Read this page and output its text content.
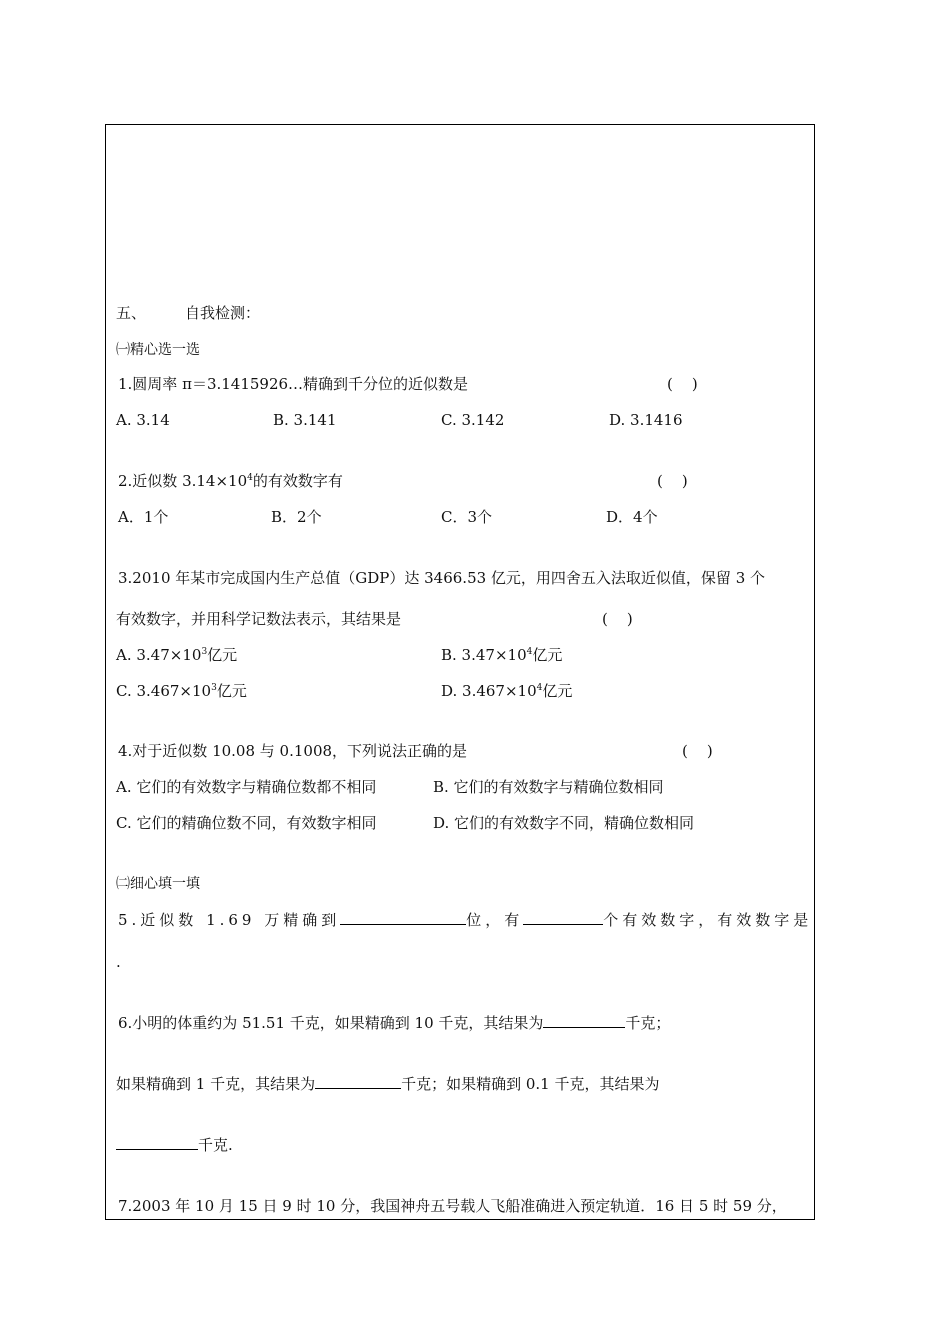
五、	自我检测：
㈠精心选一选
1.圆周率 π＝3.1415926…精确到千分位的近似数是	(    )
A. 3.14	B. 3.141	C. 3.142	D. 3.1416
2.近似数 $3.14\times 10^4$的有效数字有	(    )
A．1个	B．2个	C．3个	D．4个
3.2010 年某市完成国内生产总值（GDP）达 3466.53 亿元，用四舍五入法取近似值，保留 3 个
有效数字，并用科学记数法表示，其结果是	(    )
A. $3.47\times 10^3$亿元	B. $3.47\times 10^4$亿元
C. $3.467\times 10^3$亿元	D. $3.467\times 10^4$亿元
4.对于近似数 10.08 与 0.1008，下列说法正确的是	(    )
A. 它们的有效数字与精确位数都不相同	B. 它们的有效数字与精确位数相同
C. 它们的精确位数不同，有效数字相同	D. 它们的有效数字不同，精确位数相同
㈡细心填一填
5.近似数 1.69 万精确到	位，有	个有效数字，有效数字是
.
6.小明的体重约为 51.51 千克，如果精确到 10 千克，其结果为	千克；
如果精确到 1 千克，其结果为	千克；如果精确到 0.1 千克，其结果为
千克.
7.2003 年 10 月 15 日 9 时 10 分，我国神舟五号载人飞船准确进入预定轨道．16 日 5 时 59 分，
